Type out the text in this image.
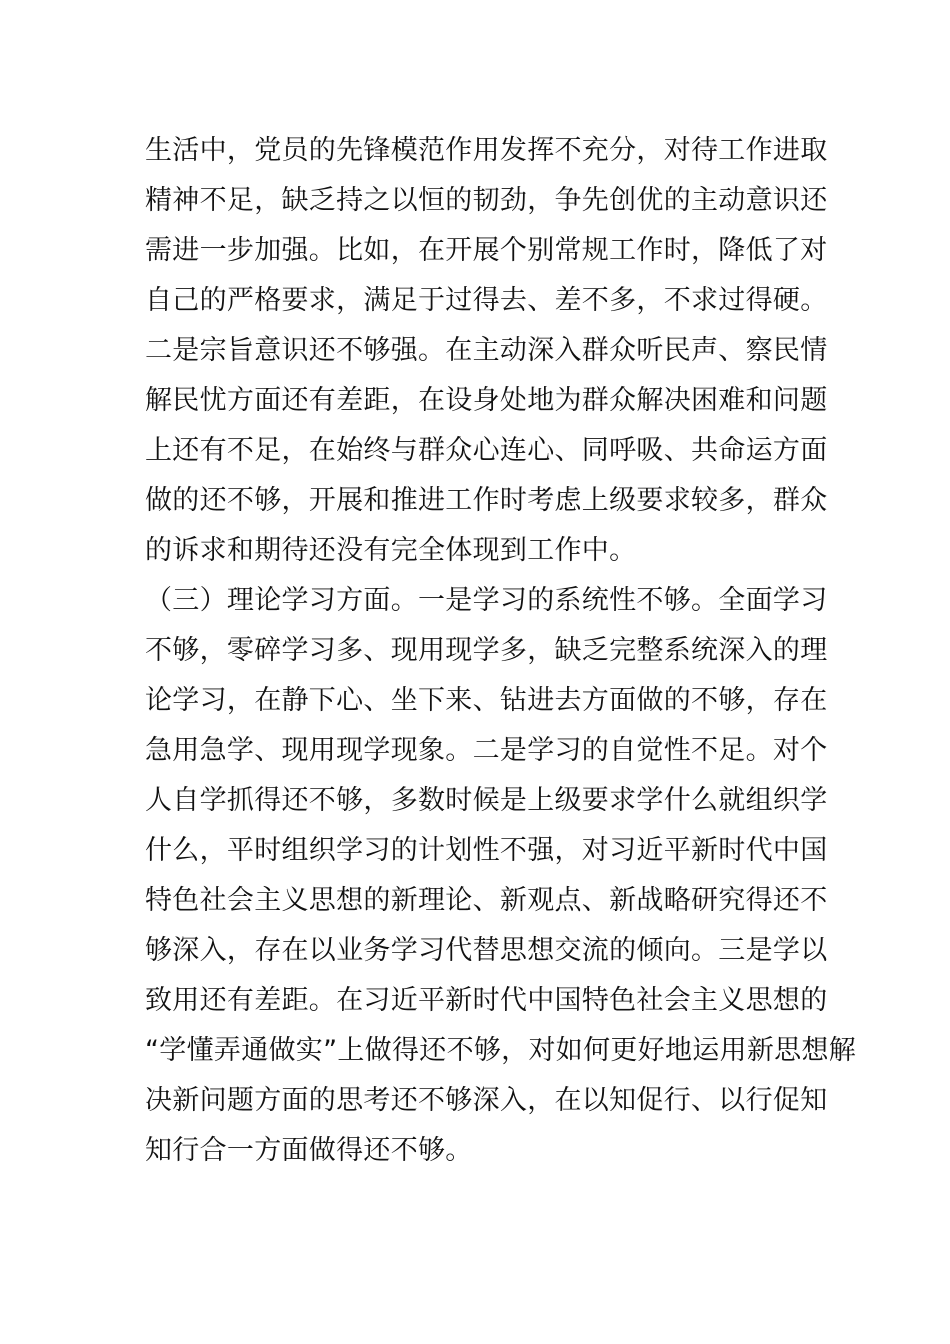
生活中，党员的先锋模范作用发挥不充分，对待工作进取
精神不足，缺乏持之以恒的韧劲，争先创优的主动意识还
需进一步加强。比如，在开展个别常规工作时，降低了对
自己的严格要求，满足于过得去、差不多，不求过得硬。
二是宗旨意识还不够强。在主动深入群众听民声、察民情
解民忧方面还有差距，在设身处地为群众解决困难和问题
上还有不足，在始终与群众心连心、同呼吸、共命运方面
做的还不够，开展和推进工作时考虑上级要求较多，群众
的诉求和期待还没有完全体现到工作中。
（三）理论学习方面。一是学习的系统性不够。全面学习
不够，零碎学习多、现用现学多，缺乏完整系统深入的理
论学习，在静下心、坐下来、钻进去方面做的不够，存在
急用急学、现用现学现象。二是学习的自觉性不足。对个
人自学抓得还不够，多数时候是上级要求学什么就组织学
什么，平时组织学习的计划性不强，对习近平新时代中国
特色社会主义思想的新理论、新观点、新战略研究得还不
够深入，存在以业务学习代替思想交流的倾向。三是学以
致用还有差距。在习近平新时代中国特色社会主义思想的
“学懂弄通做实”上做得还不够，对如何更好地运用新思想解
决新问题方面的思考还不够深入，在以知促行、以行促知
知行合一方面做得还不够。
